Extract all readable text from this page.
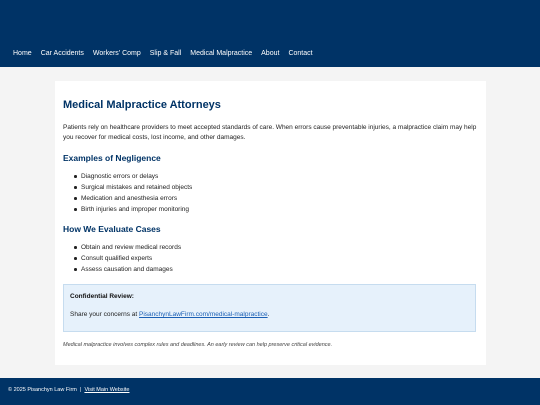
Home Car Accidents Workers' Comp Slip & Fall Medical Malpractice About Contact
Medical Malpractice Attorneys

Patients rely on healthcare providers to meet accepted standards of care. When errors cause preventable injuries, a malpractice claim may help you recover for medical costs, lost income, and other damages.

Examples of Negligence
Diagnostic errors or delays
Surgical mistakes and retained objects
Medication and anesthesia errors
Birth injuries and improper monitoring
How We Evaluate Cases
Obtain and review medical records
Consult qualified experts
Assess causation and damages
Confidential Review:
Share your concerns at PisanchynLawFirm.com/medical-malpractice.

Medical malpractice involves complex rules and deadlines. An early review can help preserve critical evidence.

© 2025 Pisanchyn Law Firm | Visit Main Website
